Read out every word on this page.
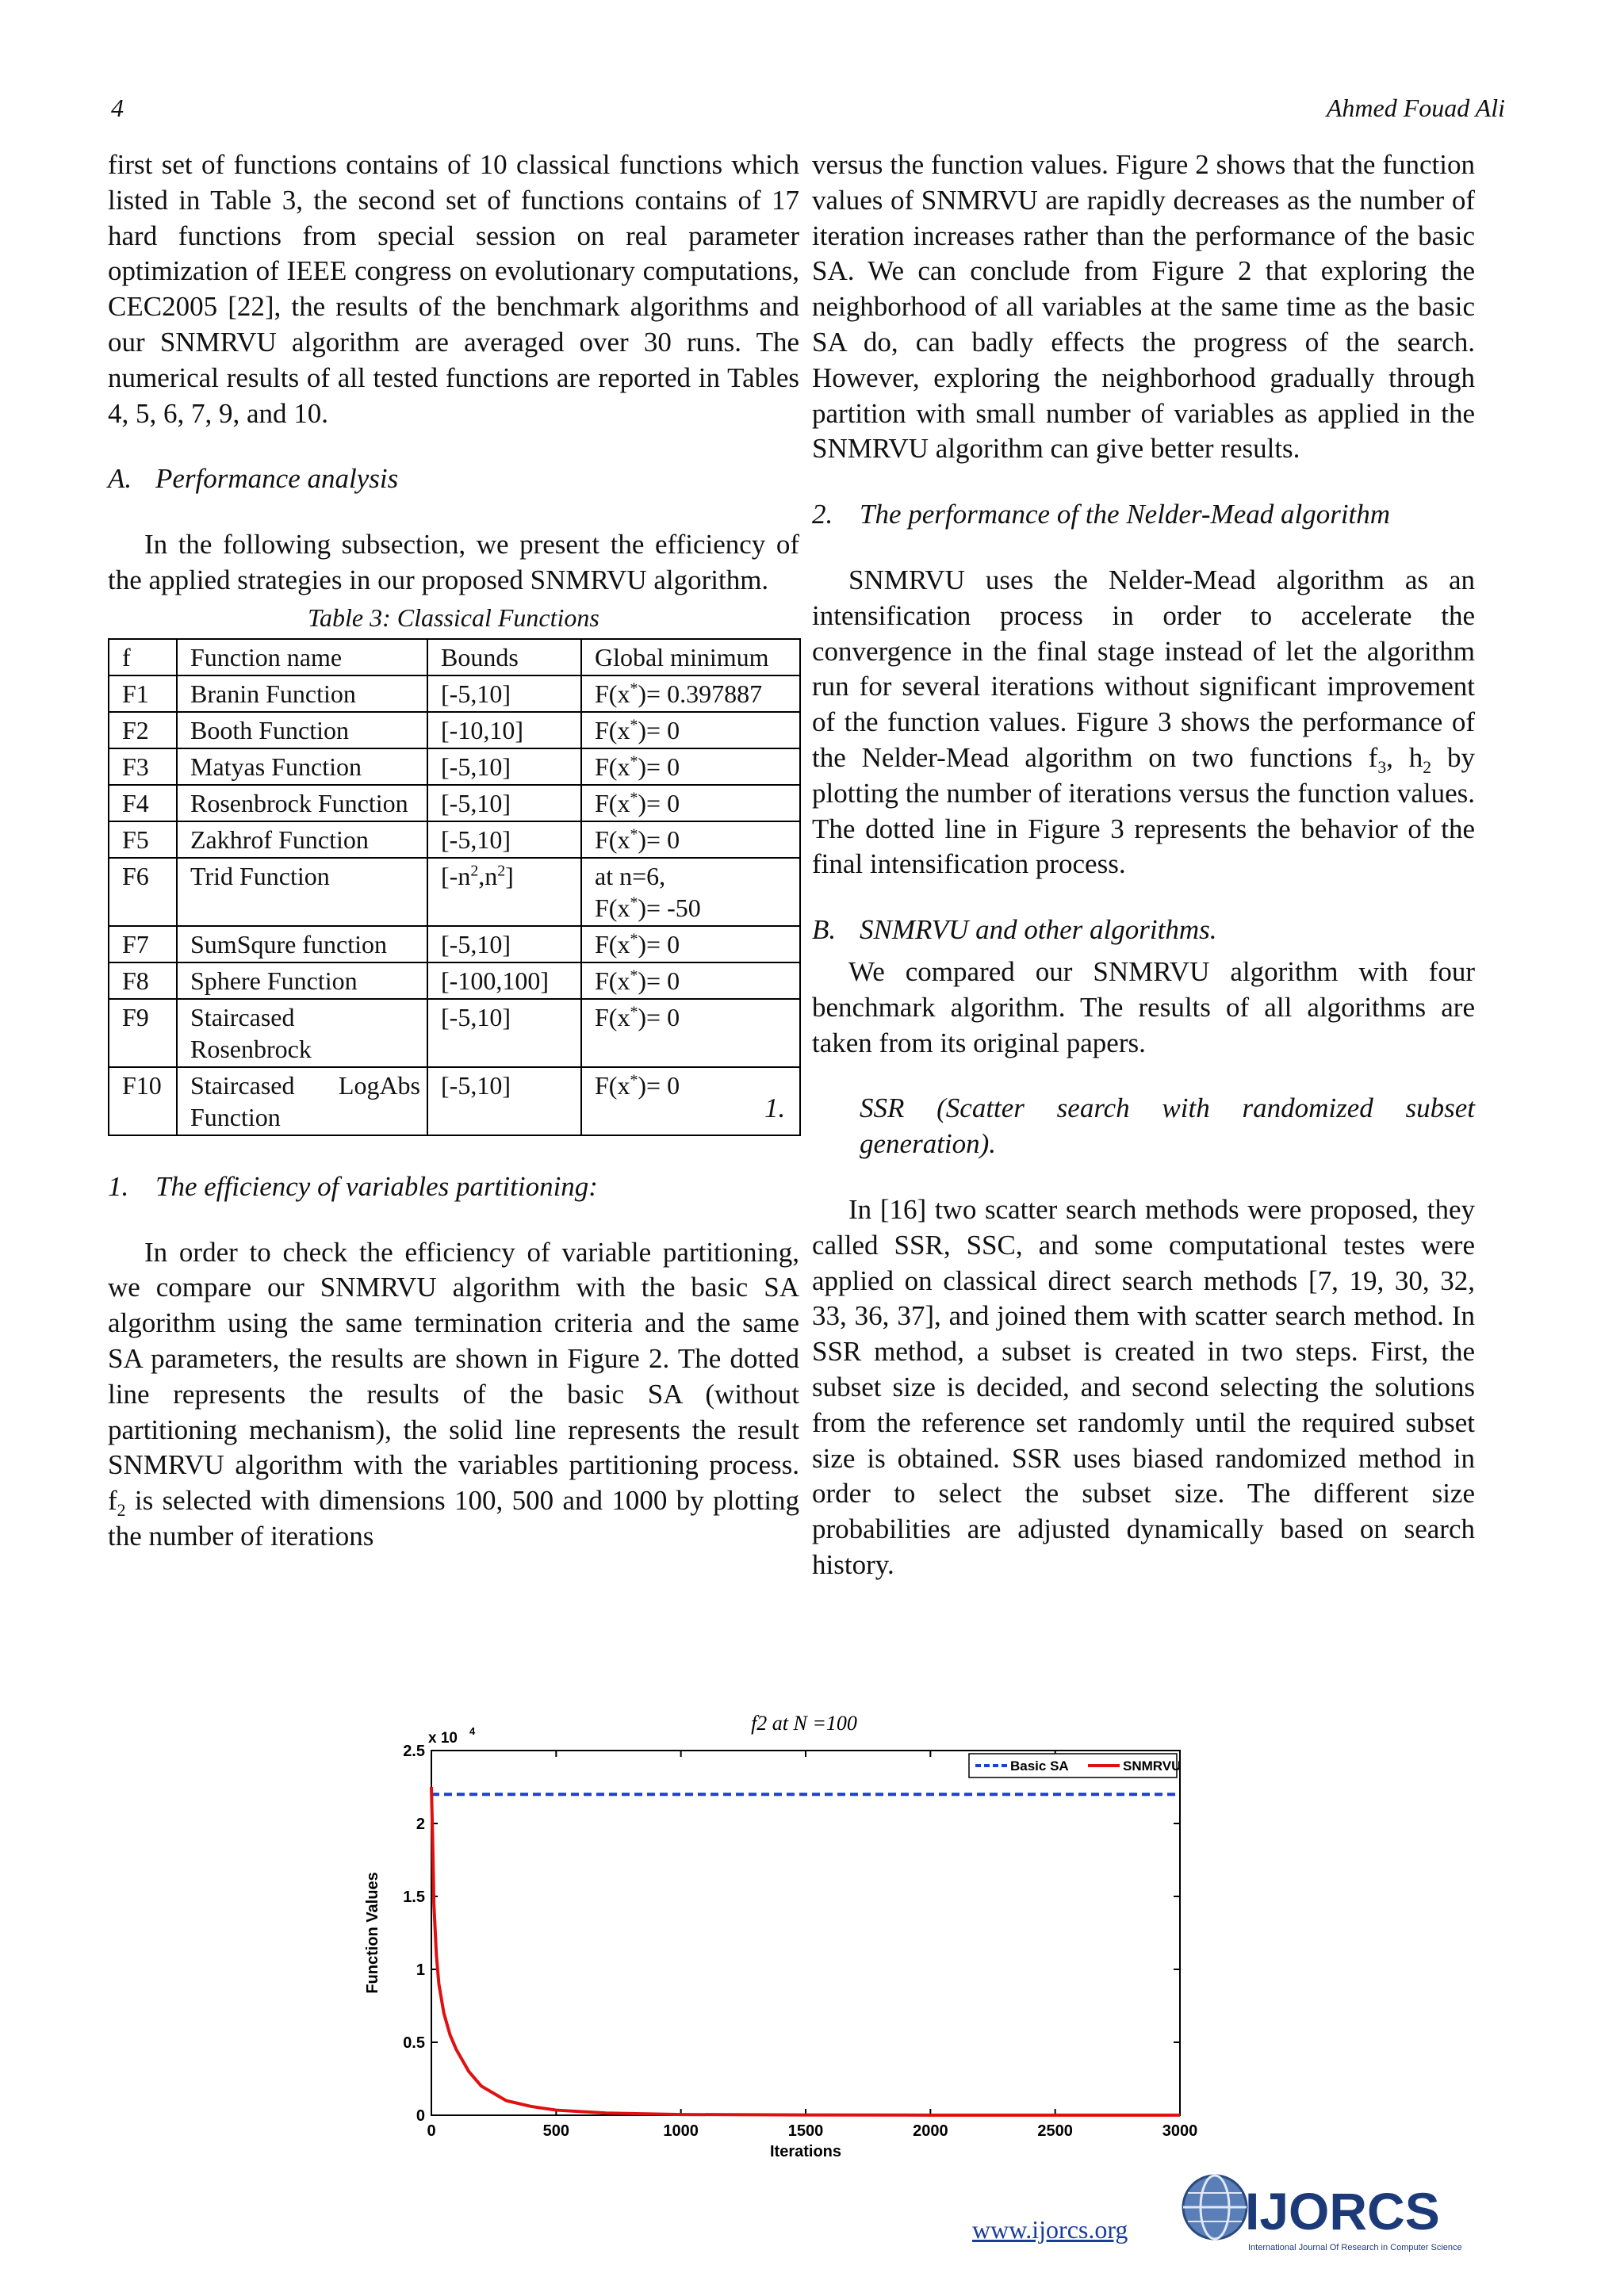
4	Ahmed Fouad Ali

first set of functions contains of 10 classical functions which listed in Table 3, the second set of functions contains of 17 hard functions from special session on real parameter optimization of IEEE congress on evolutionary computations, CEC2005 [22], the results of the benchmark algorithms and our SNMRVU algorithm are averaged over 30 runs. The numerical results of all tested functions are reported in Tables 4, 5, 6, 7, 9, and 10.

A. Performance analysis

In the following subsection, we present the efficiency of the applied strategies in our proposed SNMRVU algorithm.

Table 3: Classical Functions
f	Function name	Bounds	Global minimum
F1	Branin Function	[-5,10]	F(x*)= 0.397887
F2	Booth Function	[-10,10]	F(x*)= 0
F3	Matyas Function	[-5,10]	F(x*)= 0
F4	Rosenbrock Function	[-5,10]	F(x*)= 0
F5	Zakhrof Function	[-5,10]	F(x*)= 0
F6	Trid Function	$[-n^2,n^2]$	at n=6,
F(x*)= -50
F7	SumSqure function	[-5,10]	F(x*)= 0
F8	Sphere Function	[-100,100]	F(x*)= 0
F9	Staircased Rosenbrock	[-5,10]	F(x*)= 0
F10	Staircased LogAbs Function	[-5,10]	F(x*)= 0
1. The efficiency of variables partitioning:

In order to check the efficiency of variable partitioning, we compare our SNMRVU algorithm with the basic SA algorithm using the same termination criteria and the same SA parameters, the results are shown in Figure 2. The dotted line represents the results of the basic SA (without partitioning mechanism), the solid line represents the result SNMRVU algorithm with the variables partitioning process. $f_2$ is selected with dimensions 100, 500 and 1000 by plotting the number of iterations

versus the function values. Figure 2 shows that the function values of SNMRVU are rapidly decreases as the number of iteration increases rather than the performance of the basic SA. We can conclude from Figure 2 that exploring the neighborhood of all variables at the same time as the basic SA do, can badly effects the progress of the search. However, exploring the neighborhood gradually through partition with small number of variables as applied in the SNMRVU algorithm can give better results.

2. The performance of the Nelder-Mead algorithm

SNMRVU uses the Nelder-Mead algorithm as an intensification process in order to accelerate the convergence in the final stage instead of let the algorithm run for several iterations without significant improvement of the function values. Figure 3 shows the performance of the Nelder-Mead algorithm on two functions $f_3$, $h_2$ by plotting the number of iterations versus the function values. The dotted line in Figure 3 represents the behavior of the final intensification process.

B. SNMRVU and other algorithms.

We compared our SNMRVU algorithm with four benchmark algorithm. The results of all algorithms are taken from its original papers.

1.	SSR (Scatter search with randomized subset generation).

In [16] two scatter search methods were proposed, they called SSR, SSC, and some computational testes were applied on classical direct search methods [7, 19, 30, 32, 33, 36, 37], and joined them with scatter search method. In SSR method, a subset is created in two steps. First, the subset size is decided, and second selecting the solutions from the reference set randomly until the required subset size is obtained. SSR uses biased randomized method in order to select the subset size. The different size probabilities are adjusted dynamically based on search history.

0	500	1000	1500	2000	2500	3000
0
0.5
1
1.5
2
2.5
x 10 4	f2 at N =100
Iterations
Function Values
Basic SA	SNMRVU
www.ijorcs.org IJORCS
International Journal Of Research in Computer Science
